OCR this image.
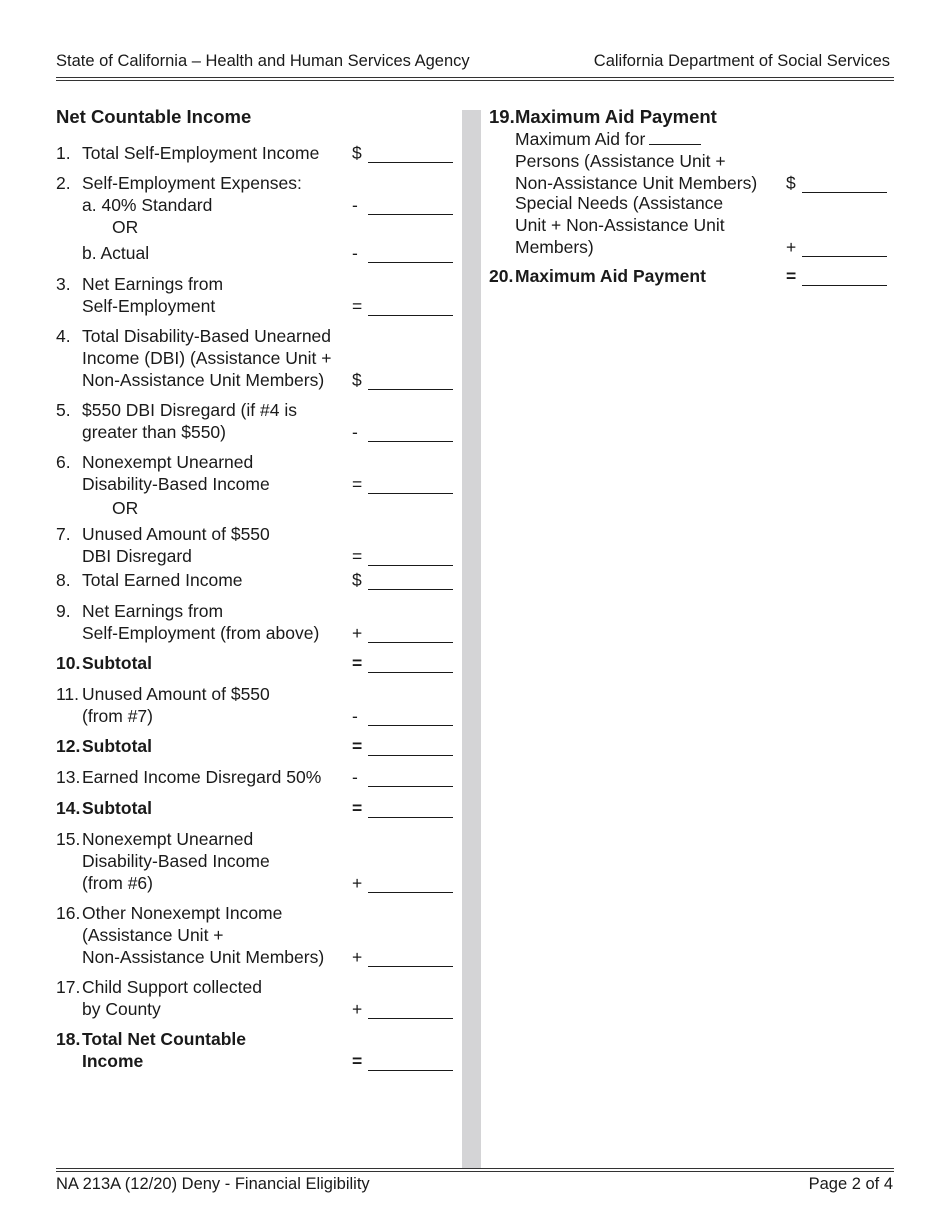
State of California – Health and Human Services Agency	California Department of Social Services
Net Countable Income
1. Total Self-Employment Income $
2. Self-Employment Expenses:
a. 40% Standard	-
OR
b. Actual	-
3. Net Earnings from
Self-Employment	=
4. Total Disability-Based Unearned
Income (DBI) (Assistance Unit +
Non-Assistance Unit Members)	$
5. $550 DBI Disregard (if #4 is
greater than $550)	-
6. Nonexempt Unearned
Disability-Based Income	=
OR
7. Unused Amount of $550
DBI Disregard	=
8. Total Earned Income	$
9. Net Earnings from
Self-Employment (from above) +
10. Subtotal	=
11. Unused Amount of $550
(from #7)	-
12. Subtotal	=
13. Earned Income Disregard 50% -
14. Subtotal	=
15. Nonexempt Unearned
Disability-Based Income
(from #6)	+
16. Other Nonexempt Income
(Assistance Unit +
Non-Assistance Unit Members) +
17. Child Support collected
by County	+
18. Total Net Countable
Income	=
19. Maximum Aid Payment
Maximum Aid for
Persons (Assistance Unit +
Non-Assistance Unit Members) $
Special Needs (Assistance
Unit + Non-Assistance Unit
Members)	+
20. Maximum Aid Payment	=
NA 213A (12/20) Deny - Financial Eligibility	Page 2 of 4
